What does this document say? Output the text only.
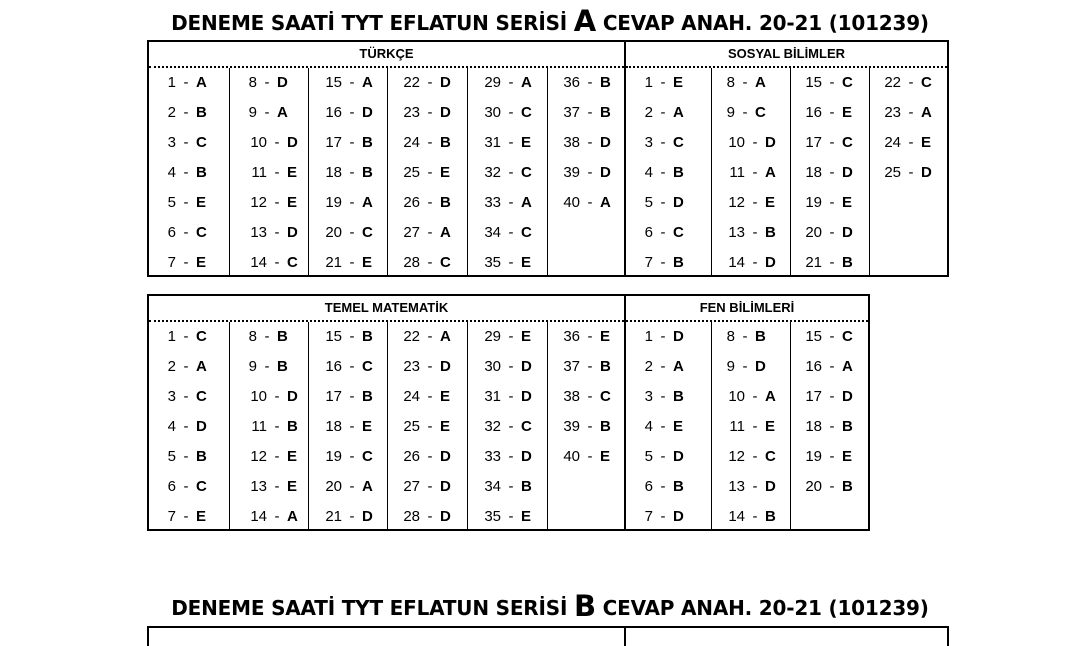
DENEME SAATİ TYT EFLATUN SERİSİ A CEVAP ANAH. 20-21 (101239)
TÜRKÇE
1 - A
2 - B
3 - C
4 - B
5 - E
6 - C
7 - E
8 - D
9 - A
10 - D
11 - E
12 - E
13 - D
14 - C
15 - A
16 - D
17 - B
18 - B
19 - A
20 - C
21 - E
22 - D
23 - D
24 - B
25 - E
26 - B
27 - A
28 - C
29 - A
30 - C
31 - E
32 - C
33 - A
34 - C
35 - E
36 - B
37 - B
38 - D
39 - D
40 - A
SOSYAL BİLİMLER
1 - E
2 - A
3 - C
4 - B
5 - D
6 - C
7 - B
8 - A
9 - C
10 - D
11 - A
12 - E
13 - B
14 - D
15 - C
16 - E
17 - C
18 - D
19 - E
20 - D
21 - B
22 - C
23 - A
24 - E
25 - D
TEMEL MATEMATİK
1 - C
2 - A
3 - C
4 - D
5 - B
6 - C
7 - E
8 - B
9 - B
10 - D
11 - B
12 - E
13 - E
14 - A
15 - B
16 - C
17 - B
18 - E
19 - C
20 - A
21 - D
22 - A
23 - D
24 - E
25 - E
26 - D
27 - D
28 - D
29 - E
30 - D
31 - D
32 - C
33 - D
34 - B
35 - E
36 - E
37 - B
38 - C
39 - B
40 - E
FEN BİLİMLERİ
1 - D
2 - A
3 - B
4 - E
5 - D
6 - B
7 - D
8 - B
9 - D
10 - A
11 - E
12 - C
13 - D
14 - B
15 - C
16 - A
17 - D
18 - B
19 - E
20 - B
DENEME SAATİ TYT EFLATUN SERİSİ B CEVAP ANAH. 20-21 (101239)
